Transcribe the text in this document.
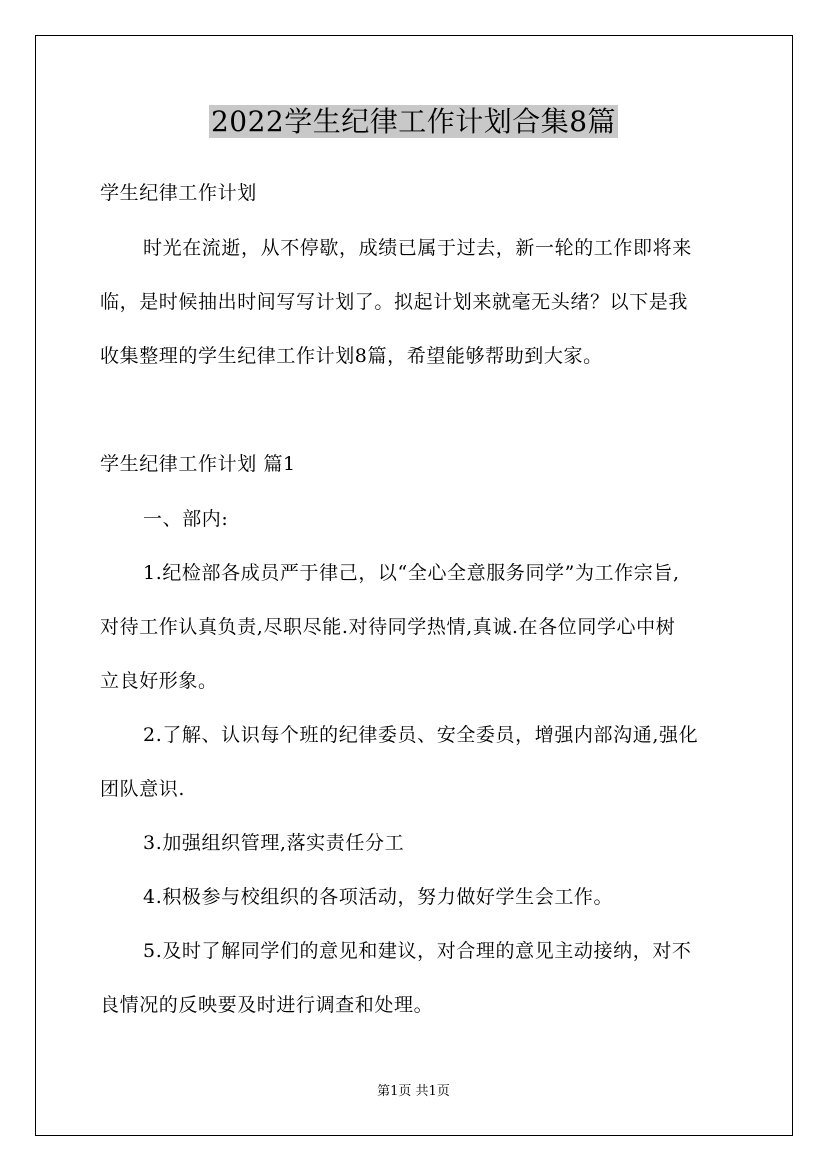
2022学生纪律工作计划合集8篇
学生纪律工作计划
时光在流逝，从不停歇，成绩已属于过去，新一轮的工作即将来
临，是时候抽出时间写写计划了。拟起计划来就毫无头绪？以下是我
收集整理的学生纪律工作计划8篇，希望能够帮助到大家。
学生纪律工作计划 篇1
一、部内:
1.纪检部各成员严于律己，以“全心全意服务同学”为工作宗旨,
对待工作认真负责,尽职尽能.对待同学热情,真诚.在各位同学心中树
立良好形象。
2.了解、认识每个班的纪律委员、安全委员，增强内部沟通,强化
团队意识.
3.加强组织管理,落实责任分工
4.积极参与校组织的各项活动，努力做好学生会工作。
5.及时了解同学们的意见和建议，对合理的意见主动接纳，对不
良情况的反映要及时进行调查和处理。
第1页 共1页
